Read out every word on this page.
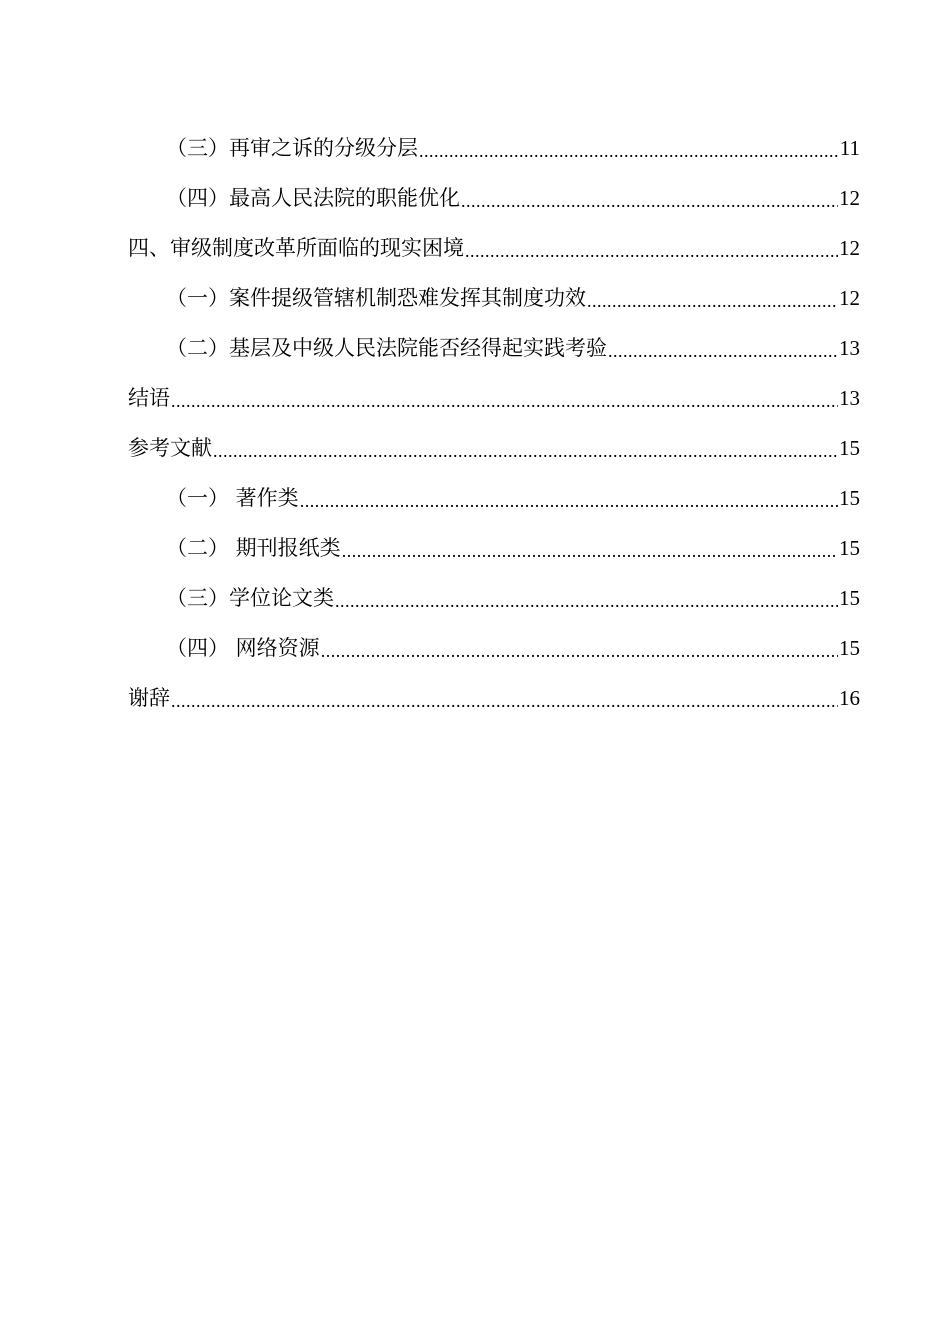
（三）再审之诉的分级分层 .....	11
（四）最高人民法院的职能优化 .....	12
四、审级制度改革所面临的现实困境 .....	12
（一）案件提级管辖机制恐难发挥其制度功效 .....	12
（二）基层及中级人民法院能否经得起实践考验 .....	13
结语 .....	13
参考文献 .....	15
（一） 著作类 .....	15
（二） 期刊报纸类 .....	15
（三）学位论文类 .....	15
（四） 网络资源 .....	15
谢辞 .....	16
